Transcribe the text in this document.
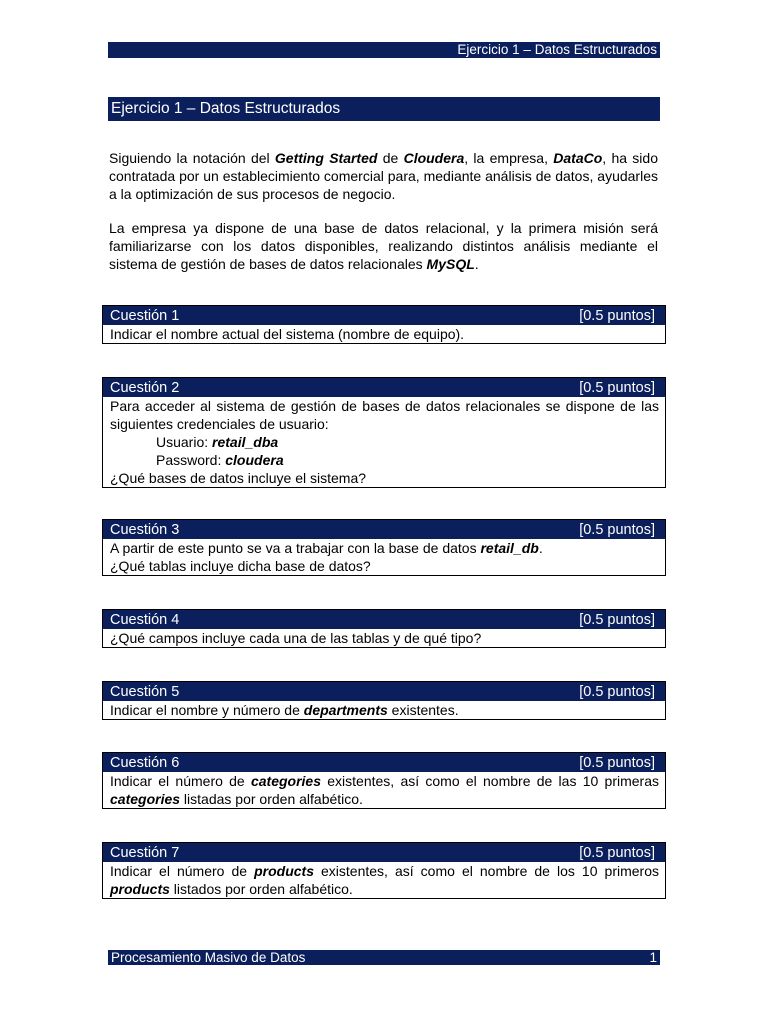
Ejercicio 1 – Datos Estructurados
Ejercicio 1 – Datos Estructurados

Siguiendo la notación del Getting Started de Cloudera, la empresa, DataCo, ha sido contratada por un establecimiento comercial para, mediante análisis de datos, ayudarles a la optimización de sus procesos de negocio.

La empresa ya dispone de una base de datos relacional, y la primera misión será familiarizarse con los datos disponibles, realizando distintos análisis mediante el sistema de gestión de bases de datos relacionales MySQL.

Cuestión 1	[0.5 puntos]
Indicar el nombre actual del sistema (nombre de equipo).
Cuestión 2	[0.5 puntos]
Para acceder al sistema de gestión de bases de datos relacionales se dispone de las siguientes credenciales de usuario:
Usuario: retail_dba
Password: cloudera
¿Qué bases de datos incluye el sistema?
Cuestión 3	[0.5 puntos]
A partir de este punto se va a trabajar con la base de datos retail_db.
¿Qué tablas incluye dicha base de datos?
Cuestión 4	[0.5 puntos]
¿Qué campos incluye cada una de las tablas y de qué tipo?
Cuestión 5	[0.5 puntos]
Indicar el nombre y número de departments existentes.
Cuestión 6	[0.5 puntos]
Indicar el número de categories existentes, así como el nombre de las 10 primeras categories listadas por orden alfabético.
Cuestión 7	[0.5 puntos]
Indicar el número de products existentes, así como el nombre de los 10 primeros products listados por orden alfabético.
Procesamiento Masivo de Datos	1
